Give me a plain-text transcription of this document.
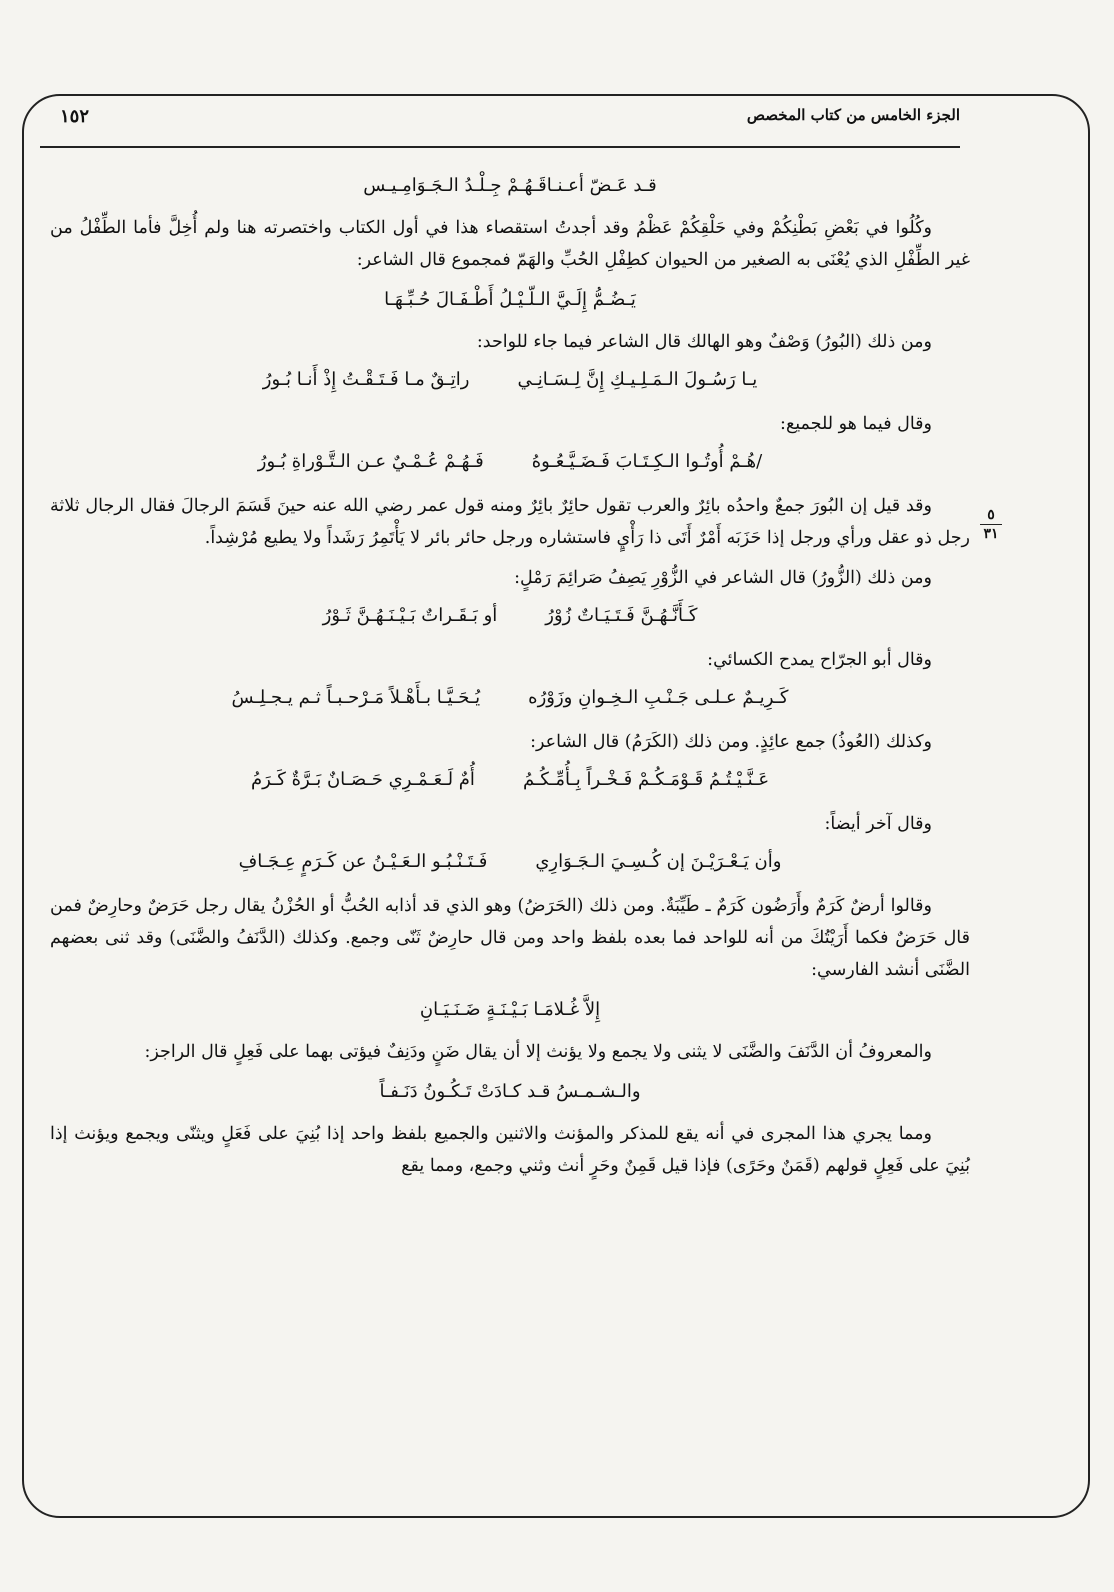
الجزء الخامس من كتاب المخصص
١٥٢
٥
٣١
قـد عَـضّ أعـنـاقَـهُـمْ جِـلْـدُ الـجَـوَامِـيـس

وكُلُوا في بَعْضِ بَطْنِكُمْ وفي حَلْقِكُمْ عَظْمُ وقد أجدتُ استقصاء هذا في أول الكتاب واختصرته هنا ولم أُخِلَّ فأما الطِّفْلُ من غير الطِّفْلِ الذي يُعْنَى به الصغير من الحيوان كطِفْلِ الحُبِّ والهَمّ فمجموع قال الشاعر:

يَـضُـمُّ إِلَـيَّ الـلّـيْـلُ أَطْـفَـالَ حُـبِّـهَـا
ومن ذلك (البُورُ) وَصْفٌ وهو الهالك قال الشاعر فيما جاء للواحد:
يـا رَسُـولَ الـمَـلِـيـكِ إِنَّ لِـسَـانِـي
راتِـقٌ مـا فَـتَـقْـتُ إِذْ أَنـا بُـورُ
وقال فيما هو للجميع:
/هُـمْ أُوتُـوا الـكِـتَـابَ فَـضَـيَّـعُـوهُ
فَـهُـمْ عُـمْـيٌ عـن الـتَّـوْراةِ بُـورُ

وقد قيل إن البُورَ جمعٌ واحدُه بائِرٌ والعرب تقول حائِرٌ بائِرٌ ومنه قول عمر رضي الله عنه حينَ قَسَمَ الرجالَ فقال الرجال ثلاثة رجل ذو عقل ورأي ورجل إذا حَزَبَه أَمْرٌ أَتَى ذا رَأْيٍ فاستشاره ورجل حائر بائر لا يَأْتَمِرُ رَشَداً ولا يطيع مُرْشِداً.

ومن ذلك (الزُّورُ) قال الشاعر في الزُّوْرِ يَصِفُ صَرائِمَ رَمْلٍ:
كَـأَنَّـهُـنَّ فَـتَـيَـاتٌ زُوْرُ
أو بَـقَـراتٌ بَـيْـنَـهُـنَّ ثَـوْرُ
وقال أبو الجرّاح يمدح الكسائي:
كَـرِيـمٌ عـلـى جَـنْـبِ الـخِـوانِ وزَوْرُه
يُـحَـيَّـا بـأَهْـلاً مَـرْحـبـاً ثـم يـجـلِـسُ
وكذلك (العُوذُ) جمع عائِذٍ. ومن ذلك (الكَرَمُ) قال الشاعر:
عَـنَّـيْـتُـمُ قَـوْمَـكُـمْ فَـخْـراً بِـأُمِّـكُـمُ
أُمٌ لَـعَـمْـرِي حَـصَـانٌ بَـرَّةٌ كَـرَمُ
وقال آخر أيضاً:
وأن يَـعْـرَيْـنَ إن كُـسِـيَ الـجَـوَارِي
فَـتَـنْـبُـو الـعَـيْـنُ عن كَـرَمٍ عِـجَـافِ

وقالوا أرضٌ كَرَمٌ وأَرَضُون كَرَمٌ ـ طَيِّبَةٌ. ومن ذلك (الحَرَضُ) وهو الذي قد أذابه الحُبُّ أو الحُزْنُ يقال رجل حَرَضٌ وحارِضٌ فمن قال حَرَضٌ فكما أَرَيْتُكَ من أنه للواحد فما بعده بلفظ واحد ومن قال حارِضٌ ثَنّى وجمع. وكذلك (الدَّنَفُ والضَّنَى) وقد ثنى بعضهم الضَّنَى أنشد الفارسي:

إِلاَّ غُـلامَـا بَـيْـنَـةٍ ضَـنَـيَـانِ

والمعروفُ أن الدَّنَفَ والضَّنَى لا يثنى ولا يجمع ولا يؤنث إلا أن يقال ضَنٍ ودَنِفٌ فيؤتى بهما على فَعِلٍ قال الراجز:

والـشـمـسُ قـد كـادَتْ تَـكُـونُ دَنَـفـاً

ومما يجري هذا المجرى في أنه يقع للمذكر والمؤنث والاثنين والجميع بلفظ واحد إذا بُنِيَ على فَعَلٍ ويثنّى ويجمع ويؤنث إذا بُنِيَ على فَعِلٍ قولهم (قَمَنٌ وحَرًى) فإذا قيل قَمِنٌ وحَرٍ أنث وثني وجمع، ومما يقع
